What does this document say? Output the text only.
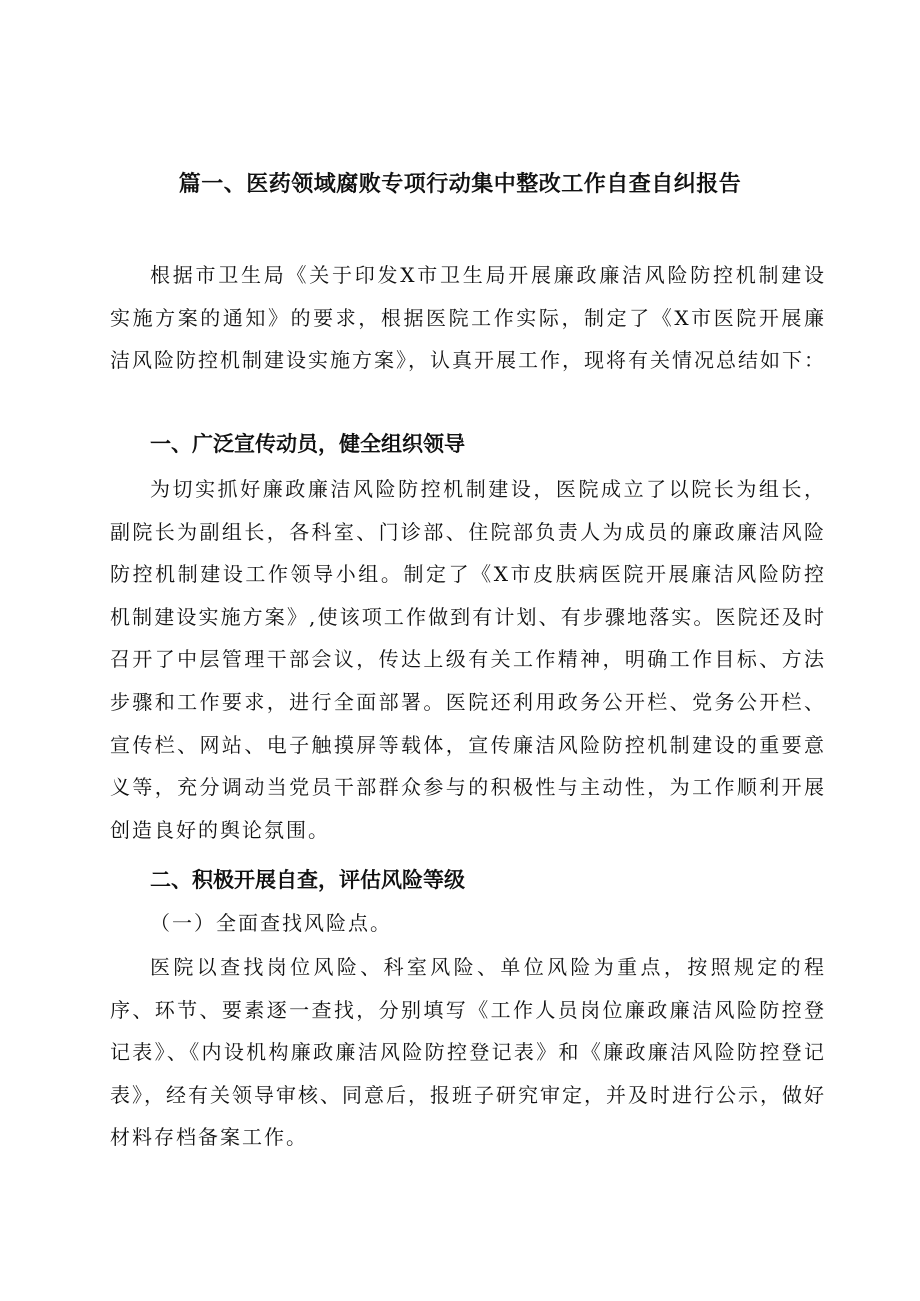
篇一、医药领域腐败专项行动集中整改工作自查自纠报告

根据市卫生局《关于印发X市卫生局开展廉政廉洁风险防控机制建设实施方案的通知》的要求，根据医院工作实际，制定了《X市医院开展廉洁风险防控机制建设实施方案》，认真开展工作，现将有关情况总结如下：

一、广泛宣传动员，健全组织领导

为切实抓好廉政廉洁风险防控机制建设，医院成立了以院长为组长，副院长为副组长，各科室、门诊部、住院部负责人为成员的廉政廉洁风险防控机制建设工作领导小组。制定了《X市皮肤病医院开展廉洁风险防控机制建设实施方案》,使该项工作做到有计划、有步骤地落实。医院还及时召开了中层管理干部会议，传达上级有关工作精神，明确工作目标、方法步骤和工作要求，进行全面部署。医院还利用政务公开栏、党务公开栏、宣传栏、网站、电子触摸屏等载体，宣传廉洁风险防控机制建设的重要意义等，充分调动当党员干部群众参与的积极性与主动性，为工作顺利开展创造良好的舆论氛围。

二、积极开展自查，评估风险等级

（一）全面查找风险点。

医院以查找岗位风险、科室风险、单位风险为重点，按照规定的程序、环节、要素逐一查找，分别填写《工作人员岗位廉政廉洁风险防控登记表》、《内设机构廉政廉洁风险防控登记表》和《廉政廉洁风险防控登记表》，经有关领导审核、同意后，报班子研究审定，并及时进行公示，做好材料存档备案工作。
